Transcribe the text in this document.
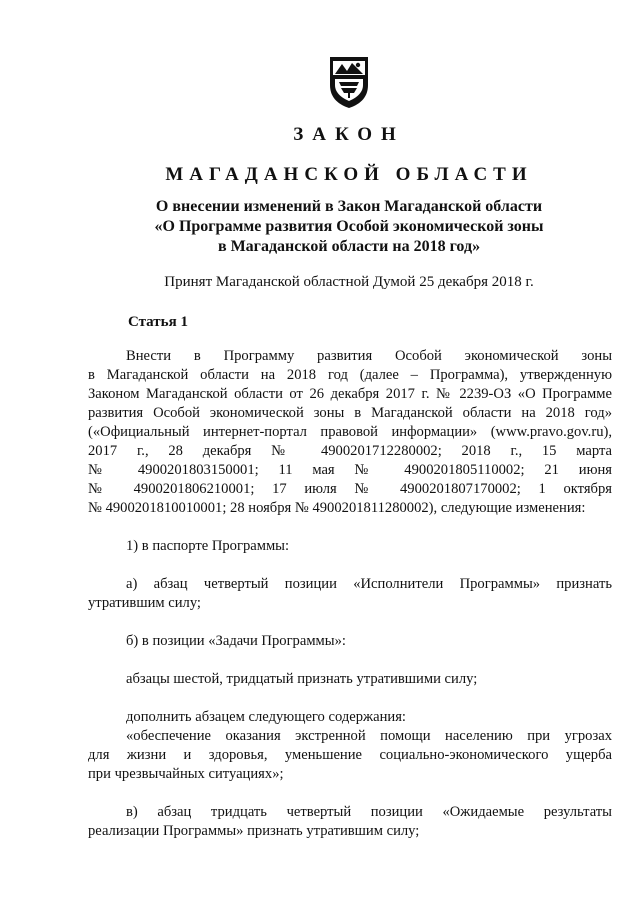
ЗАКОН
МАГАДАНСКОЙ ОБЛАСТИ
О внесении изменений в Закон Магаданской области
«О Программе развития Особой экономической зоны
в Магаданской области на 2018 год»

Принят Магаданской областной Думой 25 декабря 2018 г.

Статья 1

Внести в Программу развития Особой экономической зоны
в Магаданской области на 2018 год (далее – Программа), утвержденную
Законом Магаданской области от 26 декабря 2017 г. № 2239-ОЗ «О Программе
развития Особой экономической зоны в Магаданской области на 2018 год»
(«Официальный интернет-портал правовой информации» (www.pravo.gov.ru),
2017 г., 28 декабря № 4900201712280002; 2018 г., 15 марта
№ 4900201803150001; 11 мая № 4900201805110002; 21 июня
№ 4900201806210001; 17 июля № 4900201807170002; 1 октября
№ 4900201810010001; 28 ноября № 4900201811280002), следующие изменения:

1) в паспорте Программы:

а) абзац четвертый позиции «Исполнители Программы» признать
утратившим силу;

б) в позиции «Задачи Программы»:

абзацы шестой, тридцатый признать утратившими силу;

дополнить абзацем следующего содержания:

«обеспечение оказания экстренной помощи населению при угрозах
для жизни и здоровья, уменьшение социально-экономического ущерба
при чрезвычайных ситуациях»;

в) абзац тридцать четвертый позиции «Ожидаемые результаты
реализации Программы» признать утратившим силу;
